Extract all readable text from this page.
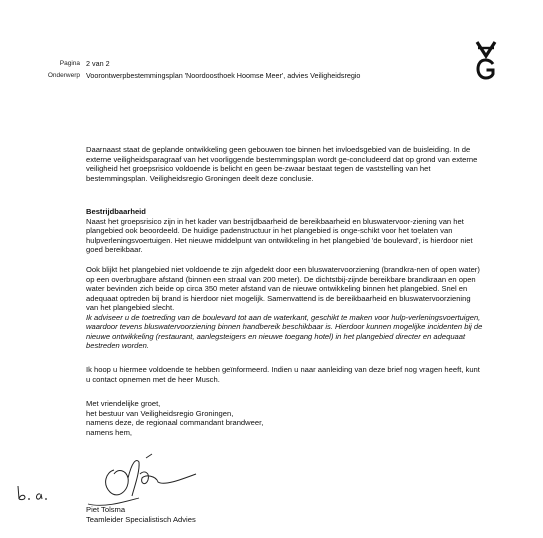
Pagina 2 van 2
Onderwerp Voorontwerpbestemmingsplan 'Noordoosthoek Hoomse Meer', advies Veiligheidsregio
Daarnaast staat de geplande ontwikkeling geen gebouwen toe binnen het invloedsgebied van de buisleiding. In de externe veiligheidsparagraaf van het voorliggende bestemmingsplan wordt ge-concludeerd dat op grond van externe veiligheid het groepsrisico voldoende is belicht en geen be-zwaar bestaat tegen de vaststelling van het bestemmingsplan. Veiligheidsregio Groningen deelt deze conclusie.
Bestrijdbaarheid
Naast het groepsrisico zijn in het kader van bestrijdbaarheid de bereikbaarheid en bluswatervoor-ziening van het plangebied ook beoordeeld. De huidige padenstructuur in het plangebied is onge-schikt voor het toelaten van hulpverleningsvoertuigen. Het nieuwe middelpunt van ontwikkeling in het plangebied 'de boulevard', is hierdoor niet goed bereikbaar.
Ook blijkt het plangebied niet voldoende te zijn afgedekt door een bluswatervoorziening (brandkra-nen of open water) op een overbrugbare afstand (binnen een straal van 200 meter). De dichtstbij-zijnde bereikbare brandkraan en open water bevinden zich beide op circa 350 meter afstand van de nieuwe ontwikkeling binnen het plangebied. Snel en adequaat optreden bij brand is hierdoor niet mogelijk. Samenvattend is de bereikbaarheid en bluswatervoorziening van het plangebied slecht.
Ik adviseer u de toetreding van de boulevard tot aan de waterkant, geschikt te maken voor hulp-verleningsvoertuigen, waardoor tevens bluswatervoorziening binnen handbereik beschikbaar is. Hierdoor kunnen mogelijke incidenten bij de nieuwe ontwikkeling (restaurant, aanlegsteigers en nieuwe toegang hotel) in het plangebied directer en adequaat bestreden worden.
Ik hoop u hiermee voldoende te hebben geïnformeerd. Indien u naar aanleiding van deze brief nog vragen heeft, kunt u contact opnemen met de heer Musch.
Met vriendelijke groet,
het bestuur van Veiligheidsregio Groningen,
namens deze, de regionaal commandant brandweer,
namens hem,
Piet Tolsma
Teamleider Specialistisch Advies
